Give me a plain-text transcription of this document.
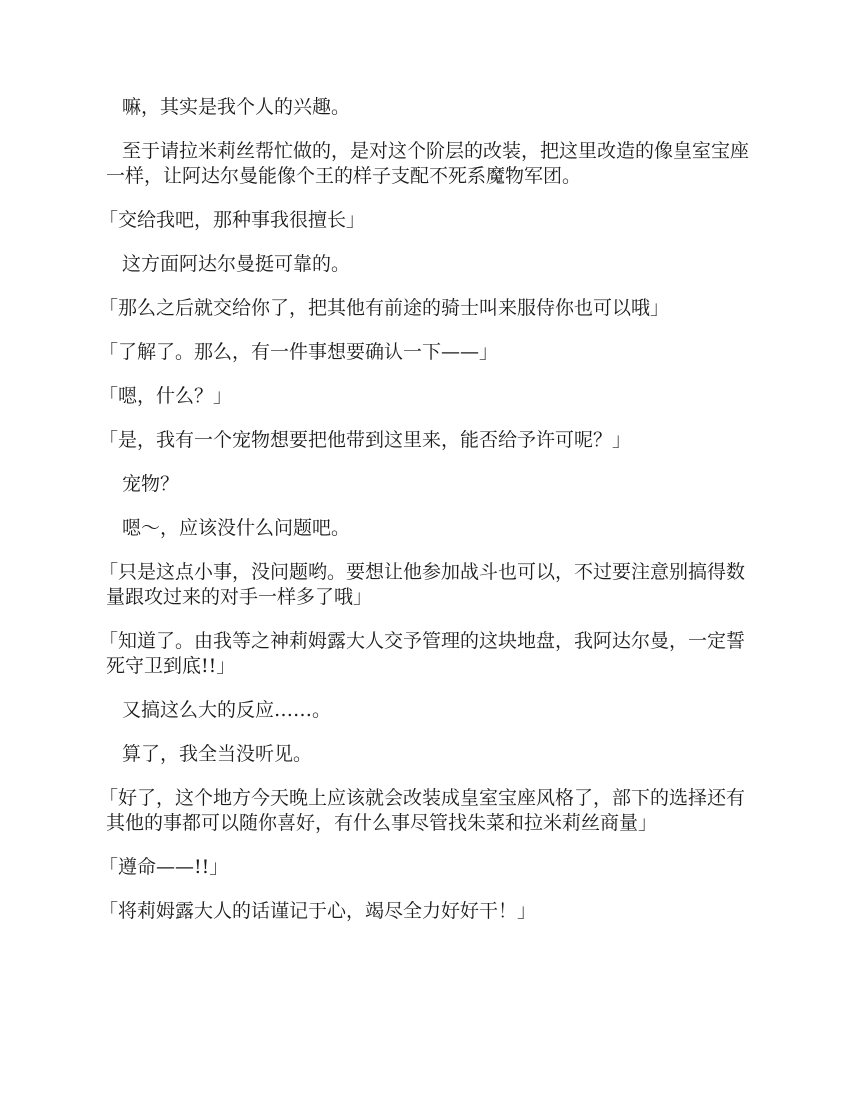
嘛，其实是我个人的兴趣。

至于请拉米莉丝帮忙做的，是对这个阶层的改装，把这里改造的像皇室宝座一样，让阿达尔曼能像个王的样子支配不死系魔物军团。

「交给我吧，那种事我很擅长」

这方面阿达尔曼挺可靠的。

「那么之后就交给你了，把其他有前途的骑士叫来服侍你也可以哦」

「了解了。那么，有一件事想要确认一下——」

「嗯，什么？」

「是，我有一个宠物想要把他带到这里来，能否给予许可呢？」

宠物？

嗯～，应该没什么问题吧。

「只是这点小事，没问题哟。要想让他参加战斗也可以，不过要注意别搞得数量跟攻过来的对手一样多了哦」

「知道了。由我等之神莉姆露大人交予管理的这块地盘，我阿达尔曼，一定誓死守卫到底!!」

又搞这么大的反应……。

算了，我全当没听见。

「好了，这个地方今天晚上应该就会改装成皇室宝座风格了，部下的选择还有其他的事都可以随你喜好，有什么事尽管找朱菜和拉米莉丝商量」

「遵命——!!」

「将莉姆露大人的话谨记于心，竭尽全力好好干！」
